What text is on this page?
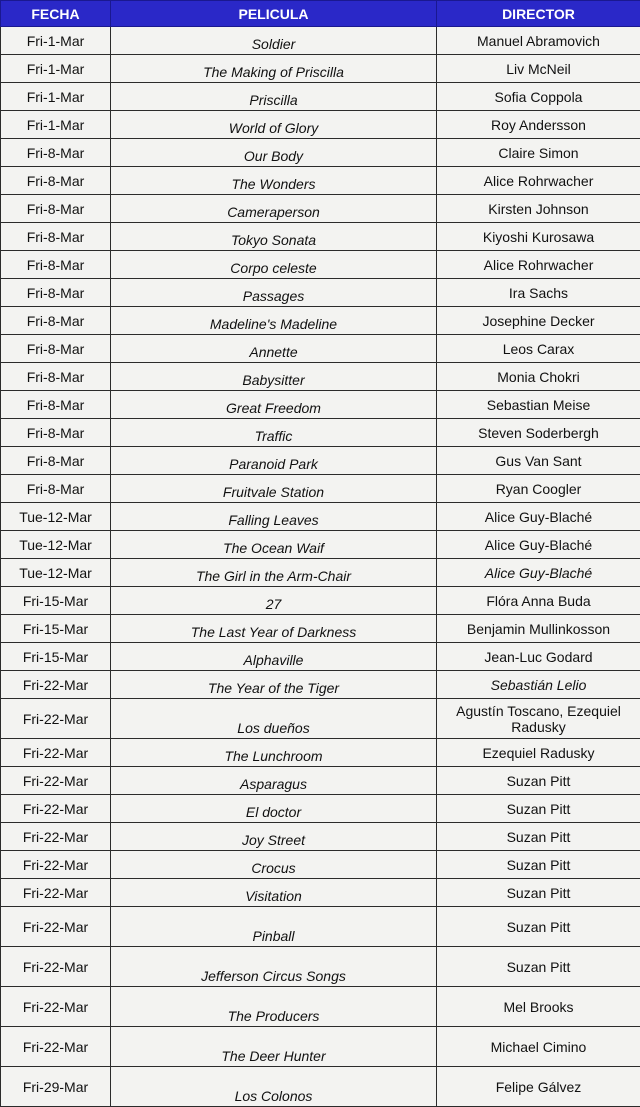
FECHA	PELICULA	DIRECTOR
Fri-1-Mar	Soldier	Manuel Abramovich
Fri-1-Mar	The Making of Priscilla	Liv McNeil
Fri-1-Mar	Priscilla	Sofia Coppola
Fri-1-Mar	World of Glory	Roy Andersson
Fri-8-Mar	Our Body	Claire Simon
Fri-8-Mar	The Wonders	Alice Rohrwacher
Fri-8-Mar	Cameraperson	Kirsten Johnson
Fri-8-Mar	Tokyo Sonata	Kiyoshi Kurosawa
Fri-8-Mar	Corpo celeste	Alice Rohrwacher
Fri-8-Mar	Passages	Ira Sachs
Fri-8-Mar	Madeline's Madeline	Josephine Decker
Fri-8-Mar	Annette	Leos Carax
Fri-8-Mar	Babysitter	Monia Chokri
Fri-8-Mar	Great Freedom	Sebastian Meise
Fri-8-Mar	Traffic	Steven Soderbergh
Fri-8-Mar	Paranoid Park	Gus Van Sant
Fri-8-Mar	Fruitvale Station	Ryan Coogler
Tue-12-Mar	Falling Leaves	Alice Guy-Blaché
Tue-12-Mar	The Ocean Waif	Alice Guy-Blaché
Tue-12-Mar	The Girl in the Arm-Chair	Alice Guy-Blaché
Fri-15-Mar	27	Flóra Anna Buda
Fri-15-Mar	The Last Year of Darkness	Benjamin Mullinkosson
Fri-15-Mar	Alphaville	Jean-Luc Godard
Fri-22-Mar	The Year of the Tiger	Sebastián Lelio
Fri-22-Mar	Los dueños	Agustín Toscano, Ezequiel Radusky
Fri-22-Mar	The Lunchroom	Ezequiel Radusky
Fri-22-Mar	Asparagus	Suzan Pitt
Fri-22-Mar	El doctor	Suzan Pitt
Fri-22-Mar	Joy Street	Suzan Pitt
Fri-22-Mar	Crocus	Suzan Pitt
Fri-22-Mar	Visitation	Suzan Pitt
Fri-22-Mar	Pinball	Suzan Pitt
Fri-22-Mar	Jefferson Circus Songs	Suzan Pitt
Fri-22-Mar	The Producers	Mel Brooks
Fri-22-Mar	The Deer Hunter	Michael Cimino
Fri-29-Mar	Los Colonos	Felipe Gálvez
